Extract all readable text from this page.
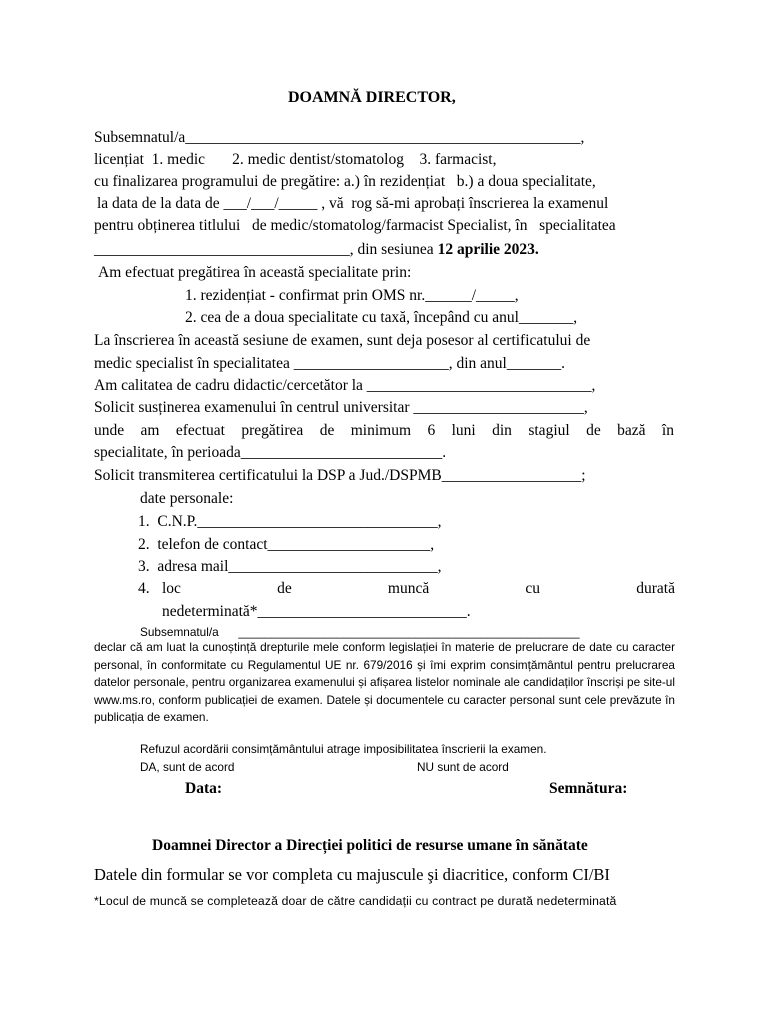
DOAMNĂ DIRECTOR,
Subsemnatul/a___________________________________________________,
licențiat  1. medic       2. medic dentist/stomatolog    3. farmacist,
cu finalizarea programului de pregătire: a.) în rezidențiat   b.) a doua specialitate,
la data de la data de ___/___/_____ , vă  rog să-mi aprobați înscrierea la examenul
pentru obținerea titlului   de medic/stomatolog/farmacist Specialist, în   specialitatea
_________________________________, din sesiunea 12 aprilie 2023.
Am efectuat pregătirea în această specialitate prin:
1. rezidențiat - confirmat prin OMS nr.______/_____,
2. cea de a doua specialitate cu taxă, începând cu anul_______,
La înscrierea în această sesiune de examen, sunt deja posesor al certificatului de
medic specialist în specialitatea ____________________, din anul_______.
Am calitatea de cadru didactic/cercetător la _____________________________,
Solicit susținerea examenului în centrul universitar ______________________,
unde am efectuat pregătirea de minimum 6 luni din stagiul de bază în
specialitate, în perioada__________________________.
Solicit transmiterea certificatului la DSP a Jud./DSPMB__________________;
date personale:
1.  C.N.P._______________________________,
2.  telefon de contact_____________________,
3.  adresa mail___________________________,
4. loc	de	muncă	cu	durată
nedeterminată*___________________________.
Subsemnatul/a      ____________________________________________________
declar că am luat la cunoștință drepturile mele conform legislației în materie de prelucrare de date cu caracter personal, în conformitate cu Regulamentul UE nr. 679/2016 și îmi exprim consimțământul pentru prelucrarea datelor personale, pentru organizarea examenului și afișarea listelor nominale ale candidaților înscriși pe site-ul www.ms.ro, conform publicației de examen. Datele și documentele cu caracter personal sunt cele prevăzute în publicația de examen.
Refuzul acordării consimțământului atrage imposibilitatea înscrierii la examen.
DA, sunt de acord	NU sunt de acord
Data:	Semnătura:
Doamnei Director a Direcției politici de resurse umane în sănătate
Datele din formular se vor completa cu majuscule şi diacritice, conform CI/BI
*Locul de muncă se completează doar de către candidații cu contract pe durată nedeterminată
